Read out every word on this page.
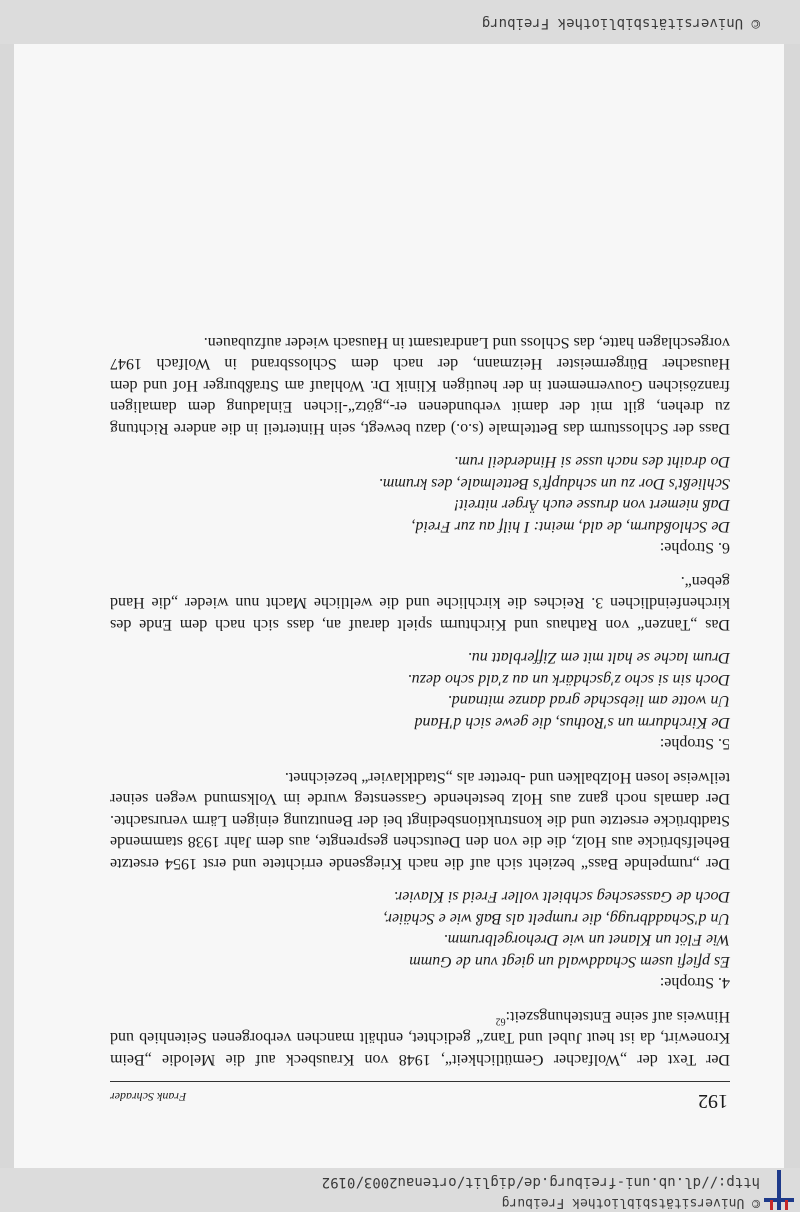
© Universitätsbibliothek Freiburg
© Universitätsbibliothek Freiburg
http://dl.ub.uni-freiburg.de/diglit/ortenau2003/0192
192
Frank Schrader

Der Text der „Wolfacher Gemütlichkeit“, 1948 von Krausbeck auf die Melodie „Beim Kronewirt, da ist heut Jubel und Tanz“ gedichtet, enthält manchen verborgenen Seitenhieb und Hinweis auf seine Entstehungszeit:$^{62}$

4. Strophe:

Es pfiefi usem Schaddwald un giegt vun de Gumm
Wie Flöt un Klanet un wie Drehorgelbrumm.
Un d'Schaddbrugg, die rumpelt als Baß wie e Schäier,
Doch de Gassescheg schbielt voller Freid si Klavier.

Der „rumpelnde Bass“ bezieht sich auf die nach Kriegsende errichtete und erst 1954 ersetzte Behelfsbrücke aus Holz, die die von den Deutschen gesprengte, aus dem Jahr 1938 stammende Stadtbrücke ersetzte und die konstruktionsbedingt bei der Benutzung einigen Lärm verursachte. Der damals noch ganz aus Holz bestehende Gassensteg wurde im Volksmund wegen seiner teilweise losen Holzbalken und -bretter als „Stadtklavier“ bezeichnet.

5. Strophe:

De Kirchdurm un s'Rothus, die gewe sich d'Hand
Un wotte am liebschde grad danze mitnand.
Doch sin si scho z'gschdärk un au z'ald scho dezu.
Drum lache se halt mit em Zifferblatt nu.

Das „Tanzen“ von Rathaus und Kirchturm spielt darauf an, dass sich nach dem Ende des kirchenfeindlichen 3. Reiches die kirchliche und die weltliche Macht nun wieder „die Hand geben“.

6. Strophe:

De Schloßdurm, de ald, meint: I hilf au zur Freid,
Daß niemert von drusse euch Ärger nitreit!
Schließt's Dor zu un schdupft's Bettelmale, des krumm.
Do draiht des nach usse si Hinderdeil rum.

Dass der Schlossturm das Bettelmale (s.o.) dazu bewegt, sein Hinterteil in die andere Richtung zu drehen, gilt mit der damit verbundenen er-„götz“-lichen Einladung dem damaligen französichen Gouvernement in der heutigen Klinik Dr. Wohlauf am Straßburger Hof und dem Hausacher Bürgermeister Heizmann, der nach dem Schlossbrand in Wolfach 1947 vorgeschlagen hatte, das Schloss und Landratsamt in Hausach wieder aufzubauen.
